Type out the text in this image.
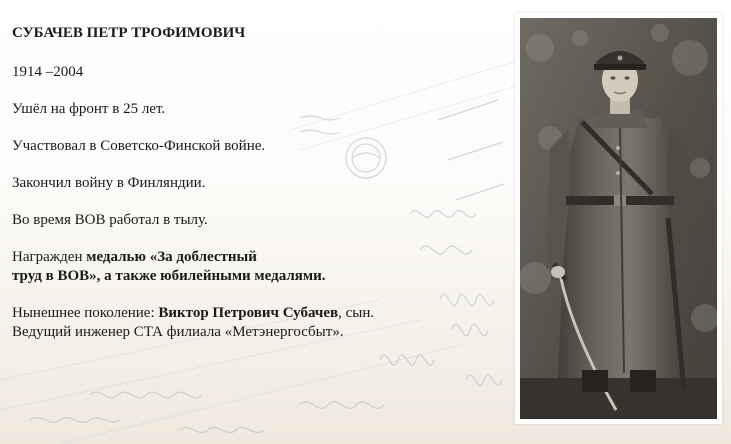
СУБАЧЕВ ПЕТР ТРОФИМОВИЧ

1914 –2004

Ушёл на фронт в 25 лет.

Участвовал в Советско-Финской войне.

Закончил войну в Финляндии.

Во время ВОВ работал в тылу.

Награжден медалью «За доблестный
труд в ВОВ», а также юбилейными медалями.

Нынешнее поколение: Виктор Петрович Субачев, сын.
Ведущий инженер СТА филиала «Метэнергосбыт».
